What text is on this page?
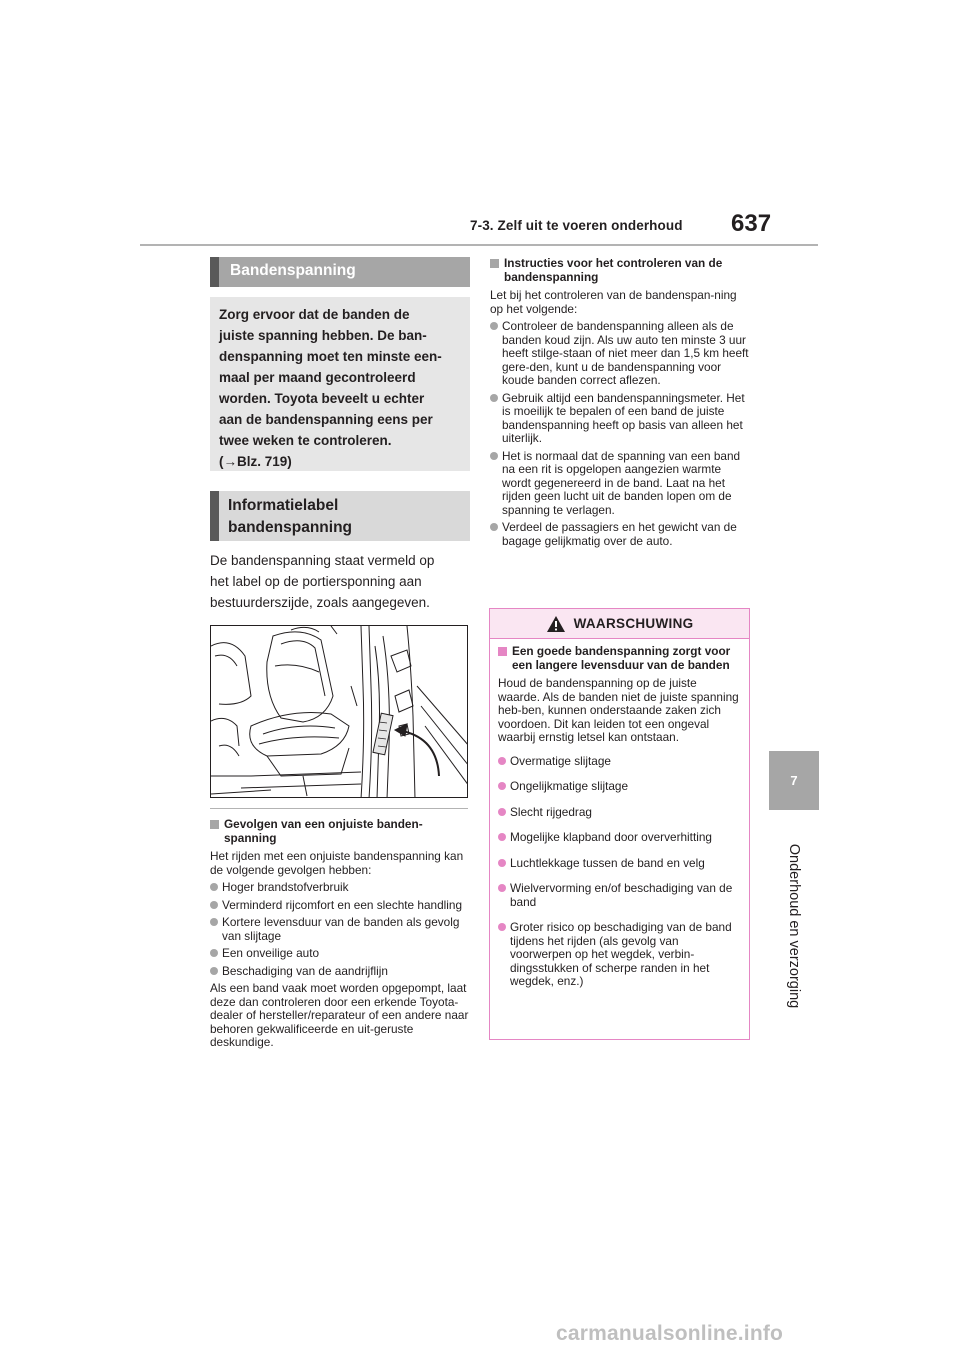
7-3. Zelf uit te voeren onderhoud 637
7
Onderhoud en verzorging
Bandenspanning

Zorg ervoor dat de banden de

juiste spanning hebben. De ban-

denspanning moet ten minste een-

maal per maand gecontroleerd

worden. Toyota beveelt u echter

aan de bandenspanning eens per

twee weken te controleren.

(→Blz. 719)

Informatielabel
bandenspanning
De bandenspanning staat vermeld op
het label op de portiersponning aan
bestuurderszijde, zoals aangegeven.
Gevolgen van een onjuiste banden-spanning

Het rijden met een onjuiste bandenspanning kan de volgende gevolgen hebben:

Hoger brandstofverbruik
Verminderd rijcomfort en een slechte handling
Kortere levensduur van de banden als gevolg van slijtage
Een onveilige auto
Beschadiging van de aandrijflijn

Als een band vaak moet worden opgepompt, laat deze dan controleren door een erkende Toyota-dealer of hersteller/reparateur of een andere naar behoren gekwalificeerde en uit-geruste deskundige.

Instructies voor het controleren van de bandenspanning

Let bij het controleren van de bandenspan-ning op het volgende:

Controleer de bandenspanning alleen als de banden koud zijn. Als uw auto ten minste 3 uur heeft stilge-staan of niet meer dan 1,5 km heeft gere-den, kunt u de bandenspanning voor koude banden correct aflezen.
Gebruik altijd een bandenspanningsmeter. Het is moeilijk te bepalen of een band de juiste bandenspanning heeft op basis van alleen het uiterlijk.
Het is normaal dat de spanning van een band na een rit is opgelopen aangezien warmte wordt gegenereerd in de band. Laat na het rijden geen lucht uit de banden lopen om de spanning te verlagen.
Verdeel de passagiers en het gewicht van de bagage gelijkmatig over de auto.
WAARSCHUWING
Een goede bandenspanning zorgt voor een langere levensduur van de banden

Houd de bandenspanning op de juiste waarde. Als de banden niet de juiste spanning heb-ben, kunnen onderstaande zaken zich voordoen. Dit kan leiden tot een ongeval waarbij ernstig letsel kan ontstaan.

Overmatige slijtage
Ongelijkmatige slijtage
Slecht rijgedrag
Mogelijke klapband door oververhitting
Luchtlekkage tussen de band en velg
Wielvervorming en/of beschadiging van de band
Groter risico op beschadiging van de band tijdens het rijden (als gevolg van voorwerpen op het wegdek, verbin-dingsstukken of scherpe randen in het wegdek, enz.)
carmanualsonline.info
